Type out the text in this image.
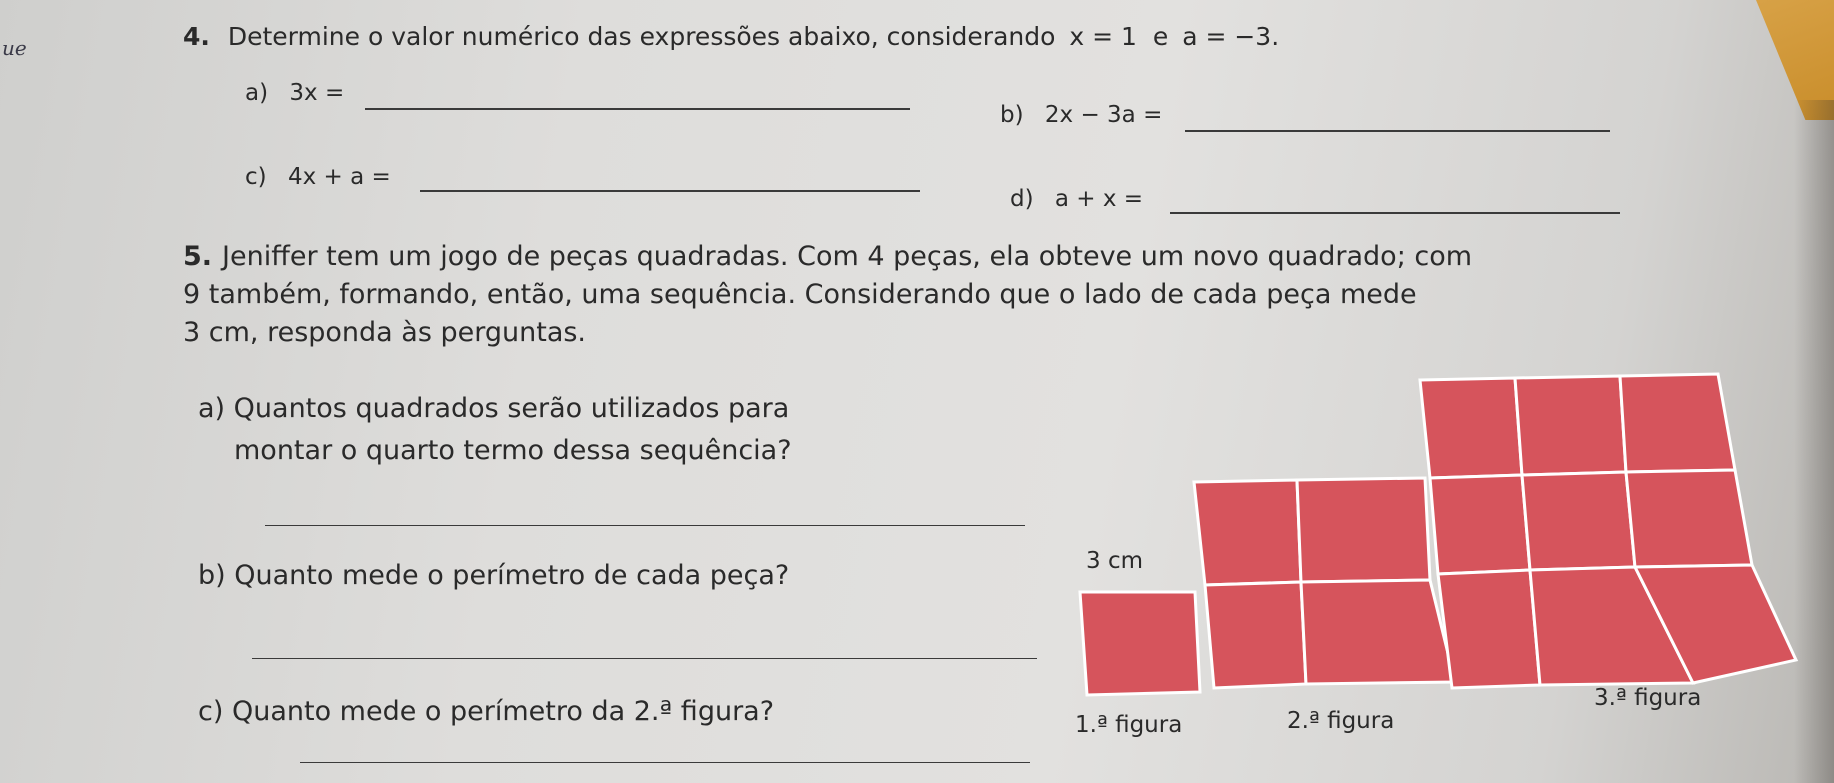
ue	4. Determine o valor numérico das expressões abaixo, considerando x = 1 e a = −3.
a) 3x =
b) 2x − 3a =
c) 4x + a =
d) a + x =
5. Jeniffer tem um jogo de peças quadradas. Com 4 peças, ela obteve um novo quadrado; com
9 também, formando, então, uma sequência. Considerando que o lado de cada peça mede
3 cm, responda às perguntas.
a) Quantos quadrados serão utilizados para
montar o quarto termo dessa sequência?
b) Quanto mede o perímetro de cada peça?
c) Quanto mede o perímetro da 2.ª figura?
3 cm
1.ª figura	2.ª figura
3.ª figura
